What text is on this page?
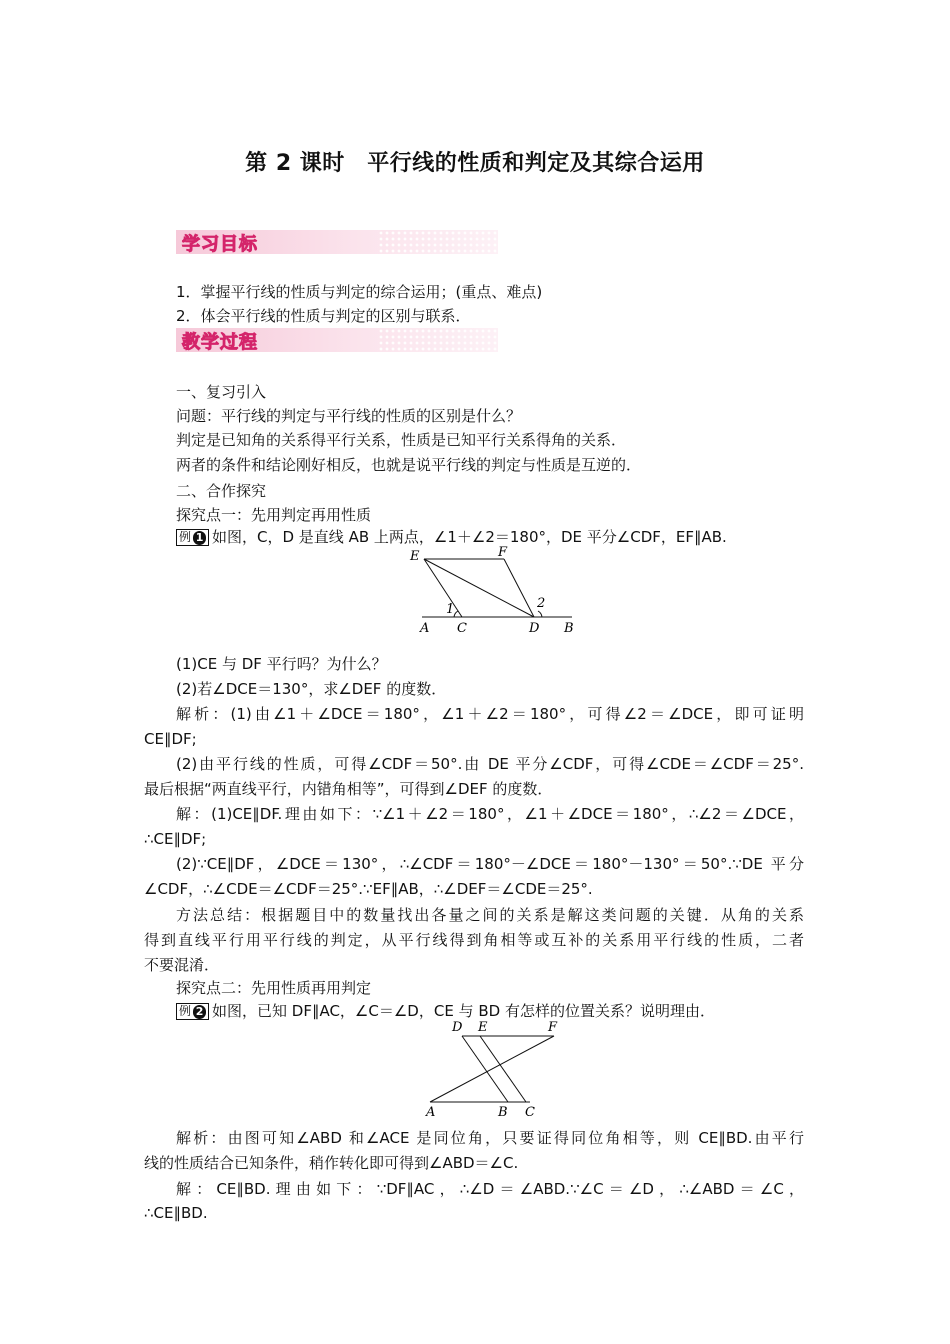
第 2 课时　平行线的性质和判定及其综合运用
学习目标
1．掌握平行线的性质与判定的综合运用；(重点、难点)
2．体会平行线的性质与判定的区别与联系．
教学过程
一、复习引入
问题：平行线的判定与平行线的性质的区别是什么？
判定是已知角的关系得平行关系，性质是已知平行关系得角的关系．
两者的条件和结论刚好相反，也就是说平行线的判定与性质是互逆的．
二、合作探究
探究点一：先用判定再用性质
例 1 如图，C，D 是直线 AB 上两点，∠1＋∠2＝180°，DE 平分∠CDF，EF∥AB.
E	F
1	2
A C	D B
(1)CE 与 DF 平行吗？为什么？
(2)若∠DCE＝130°，求∠DEF 的度数．
解析：(1)由∠1＋∠DCE＝180°，∠1＋∠2＝180°，可得∠2＝∠DCE，即可证明
CE∥DF;
(2)由平行线的性质，可得∠CDF＝50°.由 DE 平分∠CDF，可得∠CDE＝∠CDF＝25°.
最后根据“两直线平行，内错角相等”，可得到∠DEF 的度数．
解：(1)CE∥DF.理由如下：∵∠1＋∠2＝180°，∠1＋∠DCE＝180°，∴∠2＝∠DCE，
∴CE∥DF;
(2)∵CE∥DF，∠DCE＝130°，∴∠CDF＝180°－∠DCE＝180°－130°＝50°.∵DE 平分
∠CDF，∴∠CDE＝∠CDF＝25°.∵EF∥AB，∴∠DEF＝∠CDE＝25°.
方法总结：根据题目中的数量找出各量之间的关系是解这类问题的关键．从角的关系
得到直线平行用平行线的判定，从平行线得到角相等或互补的关系用平行线的性质，二者
不要混淆．
探究点二：先用性质再用判定
例 2 如图，已知 DF∥AC，∠C＝∠D，CE 与 BD 有怎样的位置关系？说明理由．
D E	F
A	B C
解析：由图可知∠ABD 和∠ACE 是同位角，只要证得同位角相等，则 CE∥BD.由平行
线的性质结合已知条件，稍作转化即可得到∠ABD＝∠C.
解：CE∥BD.理由如下：∵DF∥AC，∴∠D＝∠ABD.∵∠C＝∠D，∴∠ABD＝∠C，
∴CE∥BD.
